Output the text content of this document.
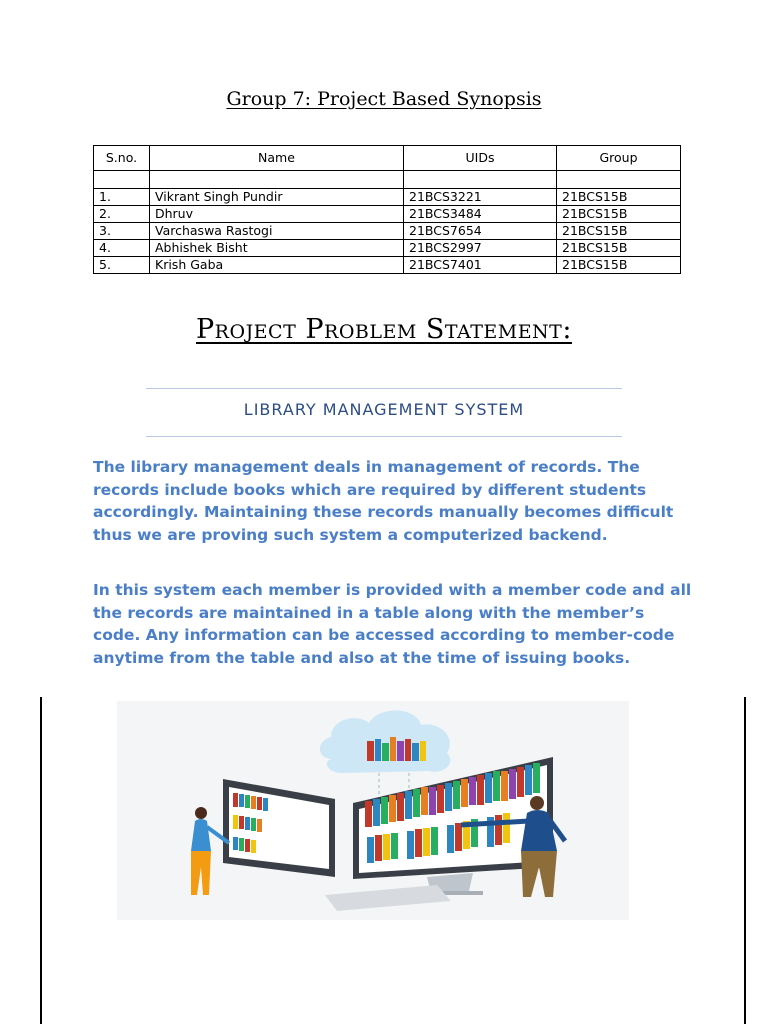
Group 7: Project Based Synopsis
S.no.	Name	UIDs	Group

1.	Vikrant Singh Pundir	21BCS3221	21BCS15B
2.	Dhruv	21BCS3484	21BCS15B
3.	Varchaswa Rastogi	21BCS7654	21BCS15B
4.	Abhishek Bisht	21BCS2997	21BCS15B
5.	Krish Gaba	21BCS7401	21BCS15B
Project Problem Statement:
LIBRARY MANAGEMENT SYSTEM

The library management deals in management of records. The records include books which are required by different students accordingly. Maintaining these records manually becomes difficult thus we are proving such system a computerized backend.

In this system each member is provided with a member code and all the records are maintained in a table along with the member’s code. Any information can be accessed according to member-code anytime from the table and also at the time of issuing books.
